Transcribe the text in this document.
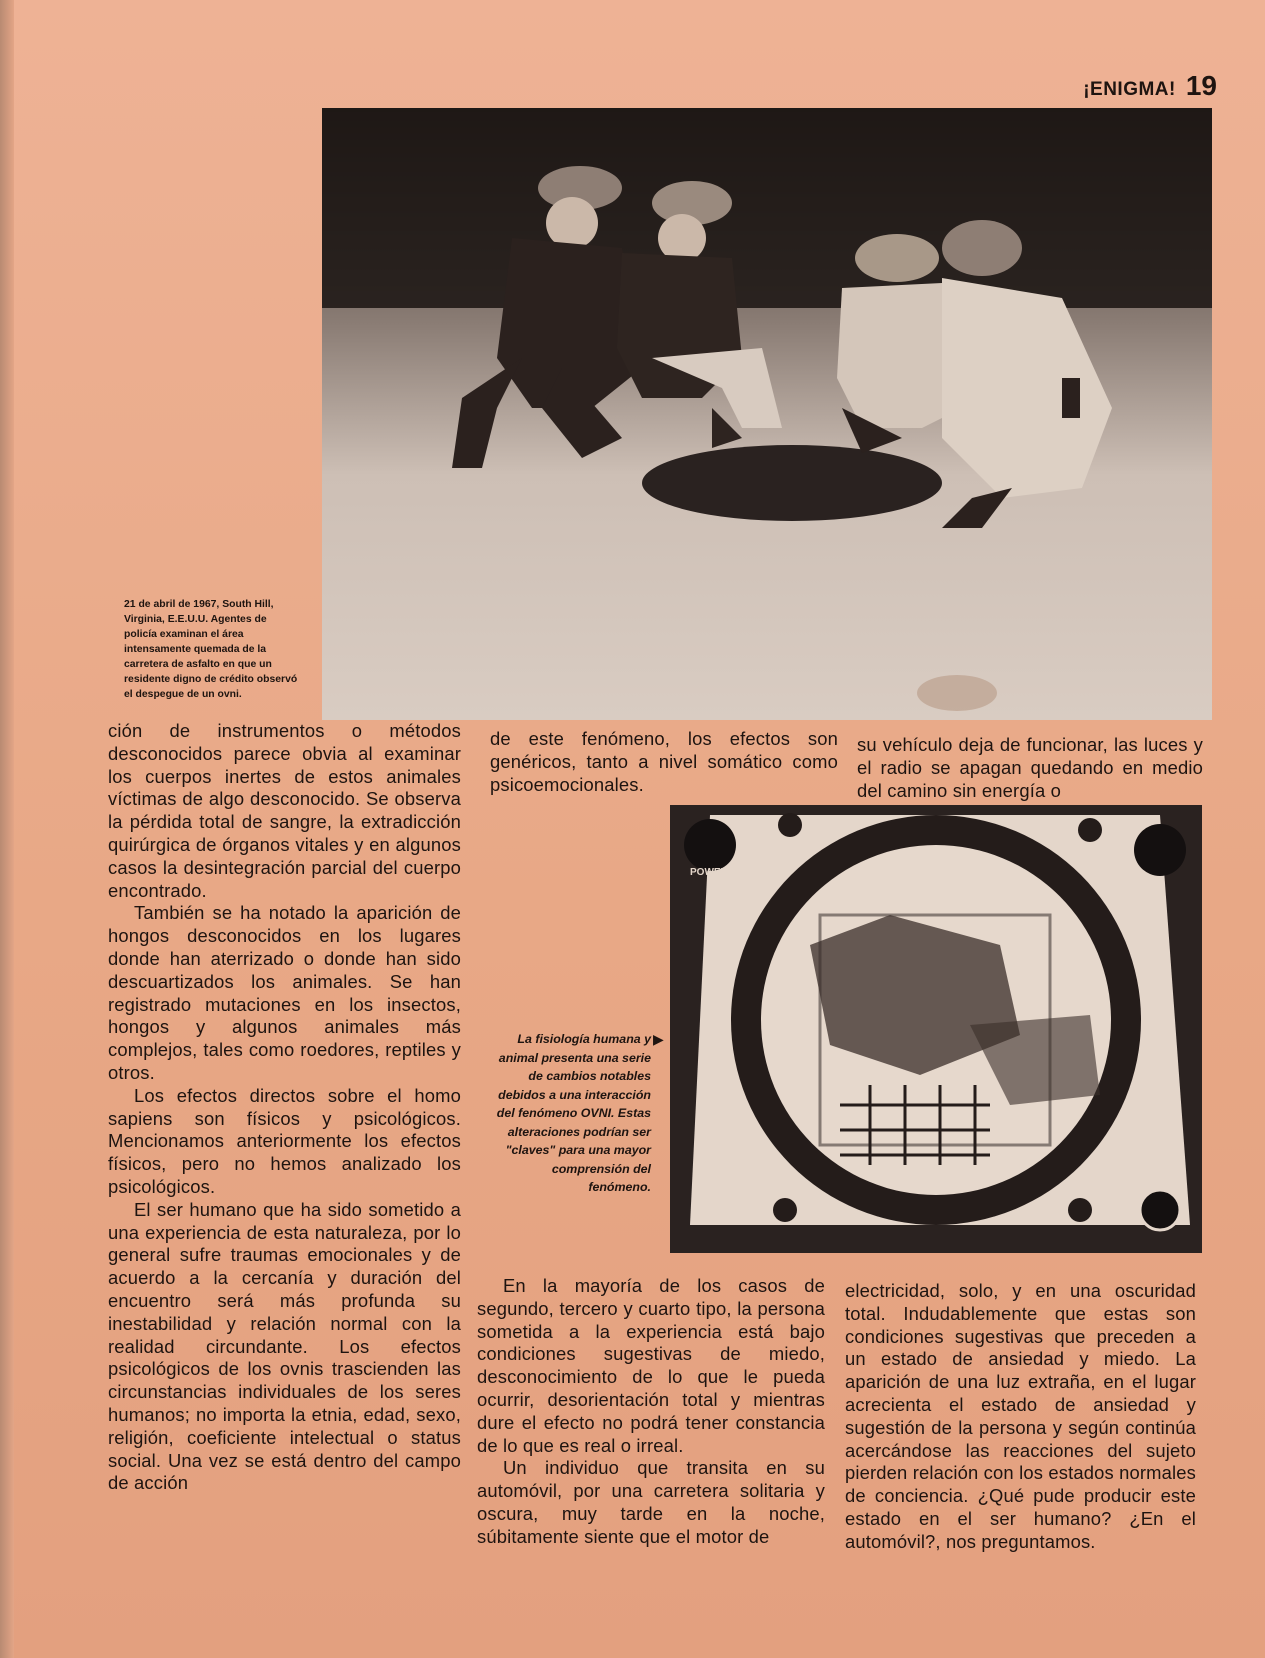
¡ENIGMA! 19
21 de abril de 1967, South Hill, Virginia, E.E.U.U. Agentes de policía examinan el área intensamente quemada de la carretera de asfalto en que un residente digno de crédito observó el despegue de un ovni.
POWER OFF
La fisiología humana y animal presenta una serie de cambios notables debidos a una interacción del fenómeno OVNI. Estas alteraciones podrían ser "claves" para una mayor comprensión del fenómeno.
▶

ción de instrumentos o métodos desconocidos parece obvia al examinar los cuerpos inertes de estos animales víctimas de algo desconocido. Se observa la pérdida total de sangre, la extradicción quirúrgica de órganos vitales y en algunos casos la desintegración parcial del cuerpo encontrado.

También se ha notado la aparición de hongos desconocidos en los lugares donde han aterrizado o donde han sido descuartizados los animales. Se han registrado mutaciones en los insectos, hongos y algunos animales más complejos, tales como roedores, reptiles y otros.

Los efectos directos sobre el homo sapiens son físicos y psicológicos. Mencionamos anteriormente los efectos físicos, pero no hemos analizado los psicológicos.

El ser humano que ha sido sometido a una experiencia de esta naturaleza, por lo general sufre traumas emocionales y de acuerdo a la cercanía y duración del encuentro será más profunda su inestabilidad y relación normal con la realidad circundante. Los efectos psicológicos de los ovnis trascienden las circunstancias individuales de los seres humanos; no importa la etnia, edad, sexo, religión, coeficiente intelectual o status social. Una vez se está dentro del campo de acción

de este fenómeno, los efectos son genéricos, tanto a nivel somático como psicoemocionales.

su vehículo deja de funcionar, las luces y el radio se apagan quedando en medio del camino sin energía o

En la mayoría de los casos de segundo, tercero y cuarto tipo, la persona sometida a la experiencia está bajo condiciones sugestivas de miedo, desconocimiento de lo que le pueda ocurrir, desorientación total y mientras dure el efecto no podrá tener constancia de lo que es real o irreal.

Un individuo que transita en su automóvil, por una carretera solitaria y oscura, muy tarde en la noche, súbitamente siente que el motor de

electricidad, solo, y en una oscuridad total. Indudablemente que estas son condiciones sugestivas que preceden a un estado de ansiedad y miedo. La aparición de una luz extraña, en el lugar acrecienta el estado de ansiedad y sugestión de la persona y según continúa acercándose las reacciones del sujeto pierden relación con los estados normales de conciencia. ¿Qué pude producir este estado en el ser humano? ¿En el automóvil?, nos preguntamos.
